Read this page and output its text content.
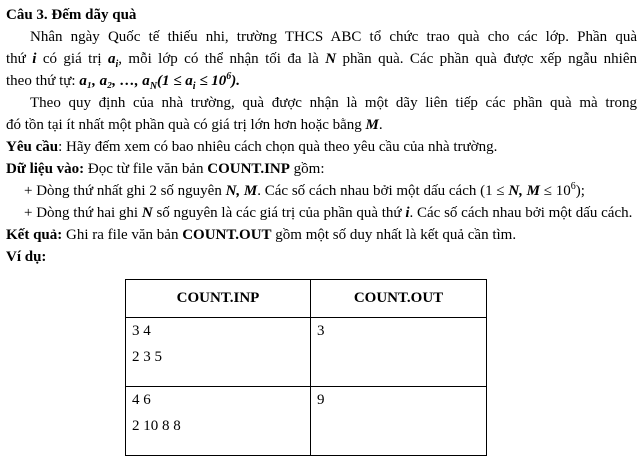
Câu 3. Đếm dãy quà
Nhân ngày Quốc tế thiếu nhi, trường THCS ABC tổ chức trao quà cho các lớp. Phần quà
thứ i có giá trị $a_i$, mỗi lớp có thể nhận tối đa là N phần quà. Các phần quà được xếp ngẫu nhiên
theo thứ tự: a₁, a₂, …, $a_N(1 \le a_i \le 10^6)$.
Theo quy định của nhà trường, quà được nhận là một dãy liên tiếp các phần quà mà trong
đó tồn tại ít nhất một phần quà có giá trị lớn hơn hoặc bằng M.
Yêu cầu: Hãy đếm xem có bao nhiêu cách chọn quà theo yêu cầu của nhà trường.
Dữ liệu vào: Đọc từ file văn bản COUNT.INP gồm:
+ Dòng thứ nhất ghi 2 số nguyên N, M. Các số cách nhau bởi một dấu cách (1 ≤ N, $M \le 10^6$);
+ Dòng thứ hai ghi N số nguyên là các giá trị của phần quà thứ i. Các số cách nhau bởi một dấu cách.
Kết quả: Ghi ra file văn bản COUNT.OUT gồm một số duy nhất là kết quả cần tìm.
Ví dụ:
COUNT.INP	COUNT.OUT

3 4
2 3 5	3

4 6
2 10 8 8	9
